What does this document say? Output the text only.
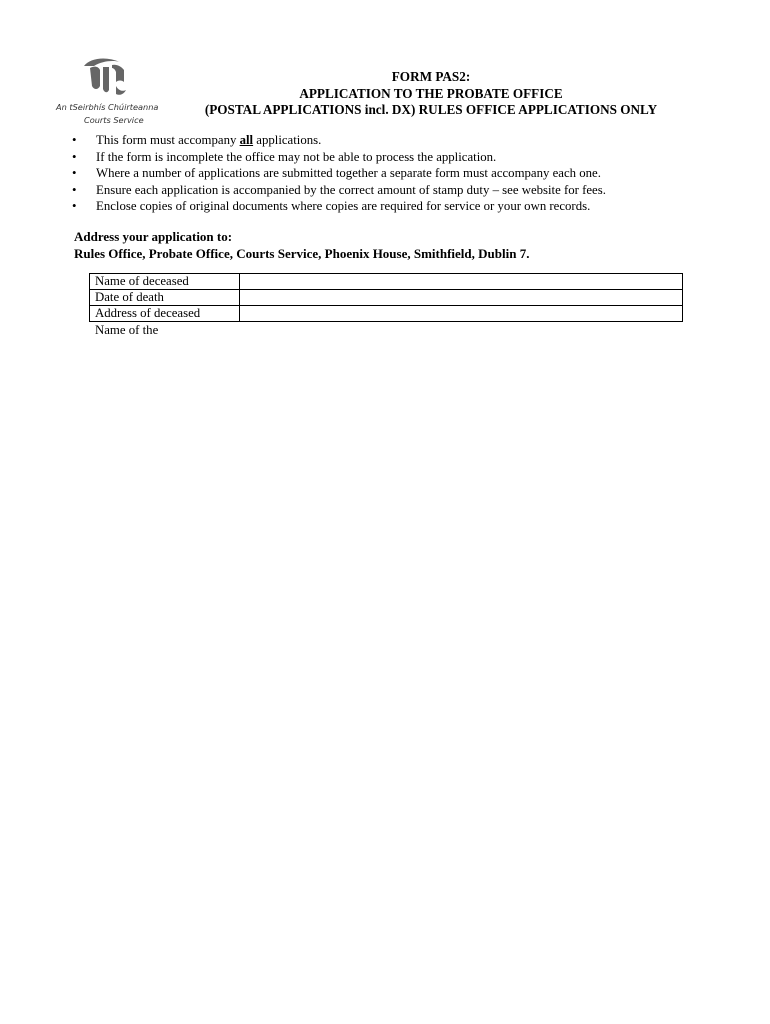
An tSeirbhís Chúirteanna
Courts Service
FORM PAS2:
APPLICATION TO THE PROBATE OFFICE
(POSTAL APPLICATIONS incl. DX) RULES OFFICE APPLICATIONS ONLY
• This form must accompany all applications.
• If the form is incomplete the office may not be able to process the application.
• Where a number of applications are submitted together a separate form must accompany each one.
• Ensure each application is accompanied by the correct amount of stamp duty – see website for fees.
• Enclose copies of original documents where copies are required for service or your own records.
Address your application to:
Rules Office, Probate Office, Courts Service, Phoenix House, Smithfield, Dublin 7.
Name of deceased	
Date of death	
Address of deceased	
Name of the
